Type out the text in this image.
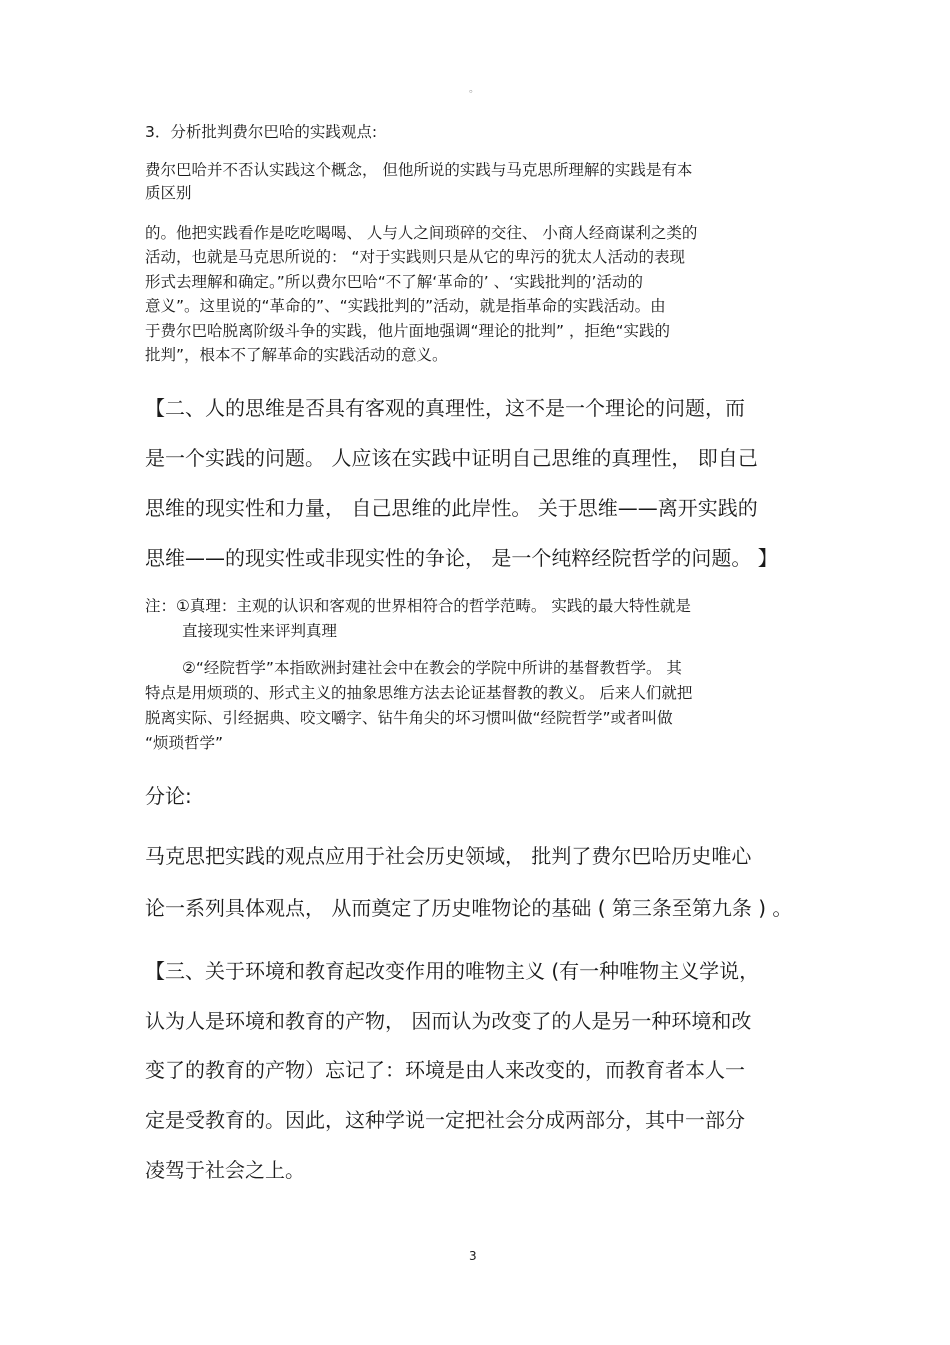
。
3．分析批判费尔巴哈的实践观点:
费尔巴哈并不否认实践这个概念， 但他所说的实践与马克思所理解的实践是有本
质区别
的。他把实践看作是吃吃喝喝、 人与人之间琐碎的交往、 小商人经商谋利之类的
活动，也就是马克思所说的： “对于实践则只是从它的卑污的犹太人活动的表现
形式去理解和确定。”所以费尔巴哈“不了解‘革命的’ 、‘实践批判的’活动的
意义”。这里说的“革命的”、“实践批判的”活动，就是指革命的实践活动。由
于费尔巴哈脱离阶级斗争的实践，他片面地强调“理论的批判” ，拒绝“实践的
批判”，根本不了解革命的实践活动的意义。
【二、人的思维是否具有客观的真理性，这不是一个理论的问题，而
是一个实践的问题。 人应该在实践中证明自己思维的真理性， 即自己
思维的现实性和力量， 自己思维的此岸性。 关于思维——离开实践的
思维——的现实性或非现实性的争论， 是一个纯粹经院哲学的问题。 】
注：①真理：主观的认识和客观的世界相符合的哲学范畴。 实践的最大特性就是
直接现实性来评判真理
②“经院哲学”本指欧洲封建社会中在教会的学院中所讲的基督教哲学。 其
特点是用烦琐的、形式主义的抽象思维方法去论证基督教的教义。 后来人们就把
脱离实际、引经据典、咬文嚼字、钻牛角尖的坏习惯叫做“经院哲学”或者叫做
“烦琐哲学”
分论:
马克思把实践的观点应用于社会历史领域， 批判了费尔巴哈历史唯心
论一系列具体观点， 从而奠定了历史唯物论的基础 ( 第三条至第九条 ) 。
【三、关于环境和教育起改变作用的唯物主义 (有一种唯物主义学说，
认为人是环境和教育的产物， 因而认为改变了的人是另一种环境和改
变了的教育的产物）忘记了：环境是由人来改变的，而教育者本人一
定是受教育的。因此，这种学说一定把社会分成两部分，其中一部分
凌驾于社会之上。
3
